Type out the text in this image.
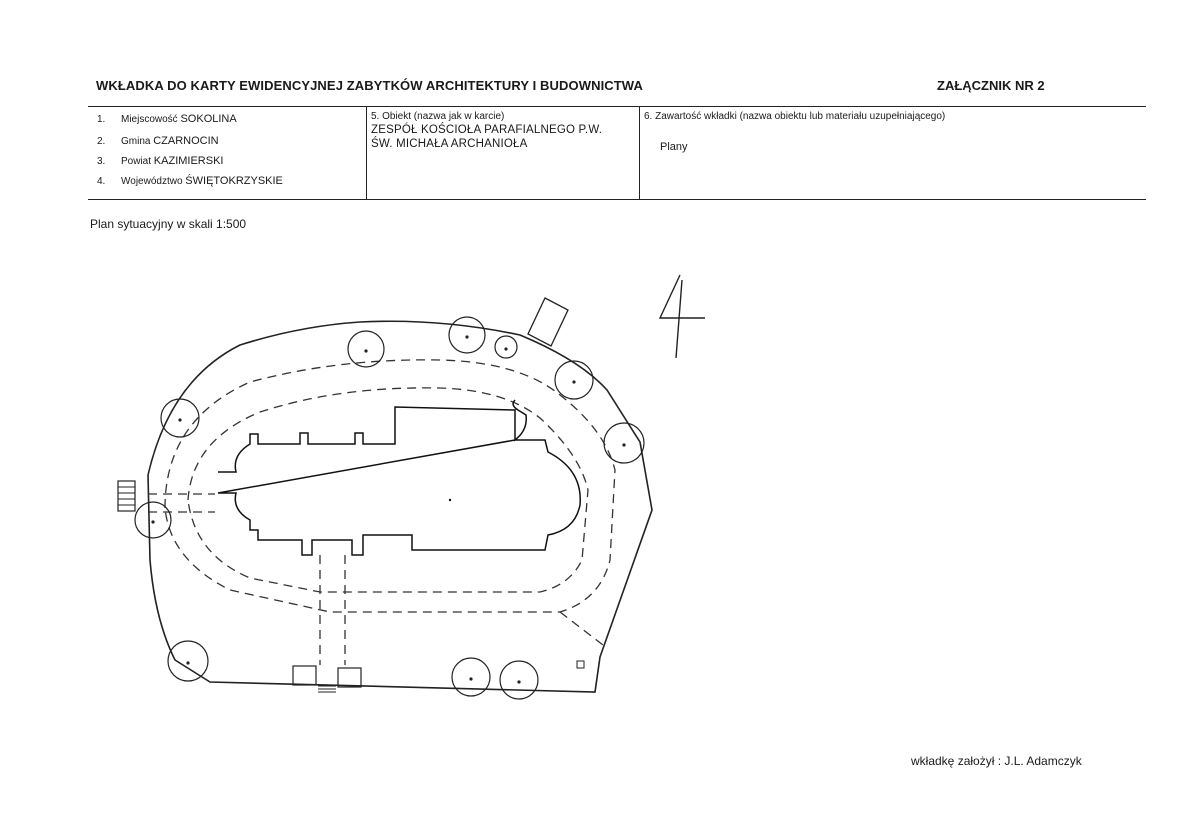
WKŁADKA DO KARTY EWIDENCYJNEJ ZABYTKÓW ARCHITEKTURY I BUDOWNICTWA	ZAŁĄCZNIK NR 2
1. Miejscowość SOKOLINA
2. Gmina CZARNOCIN
3. Powiat KAZIMIERSKI
4. Województwo ŚWIĘTOKRZYSKIE
5. Obiekt (nazwa jak w karcie)
ZESPÓŁ KOŚCIOŁA PARAFIALNEGO P.W.
ŚW. MICHAŁA ARCHANIOŁA
6. Zawartość wkładki (nazwa obiektu lub materiału uzupełniającego)
Plany
Plan sytuacyjny w skali 1:500
4
wkładkę założył : J.L. Adamczyk
